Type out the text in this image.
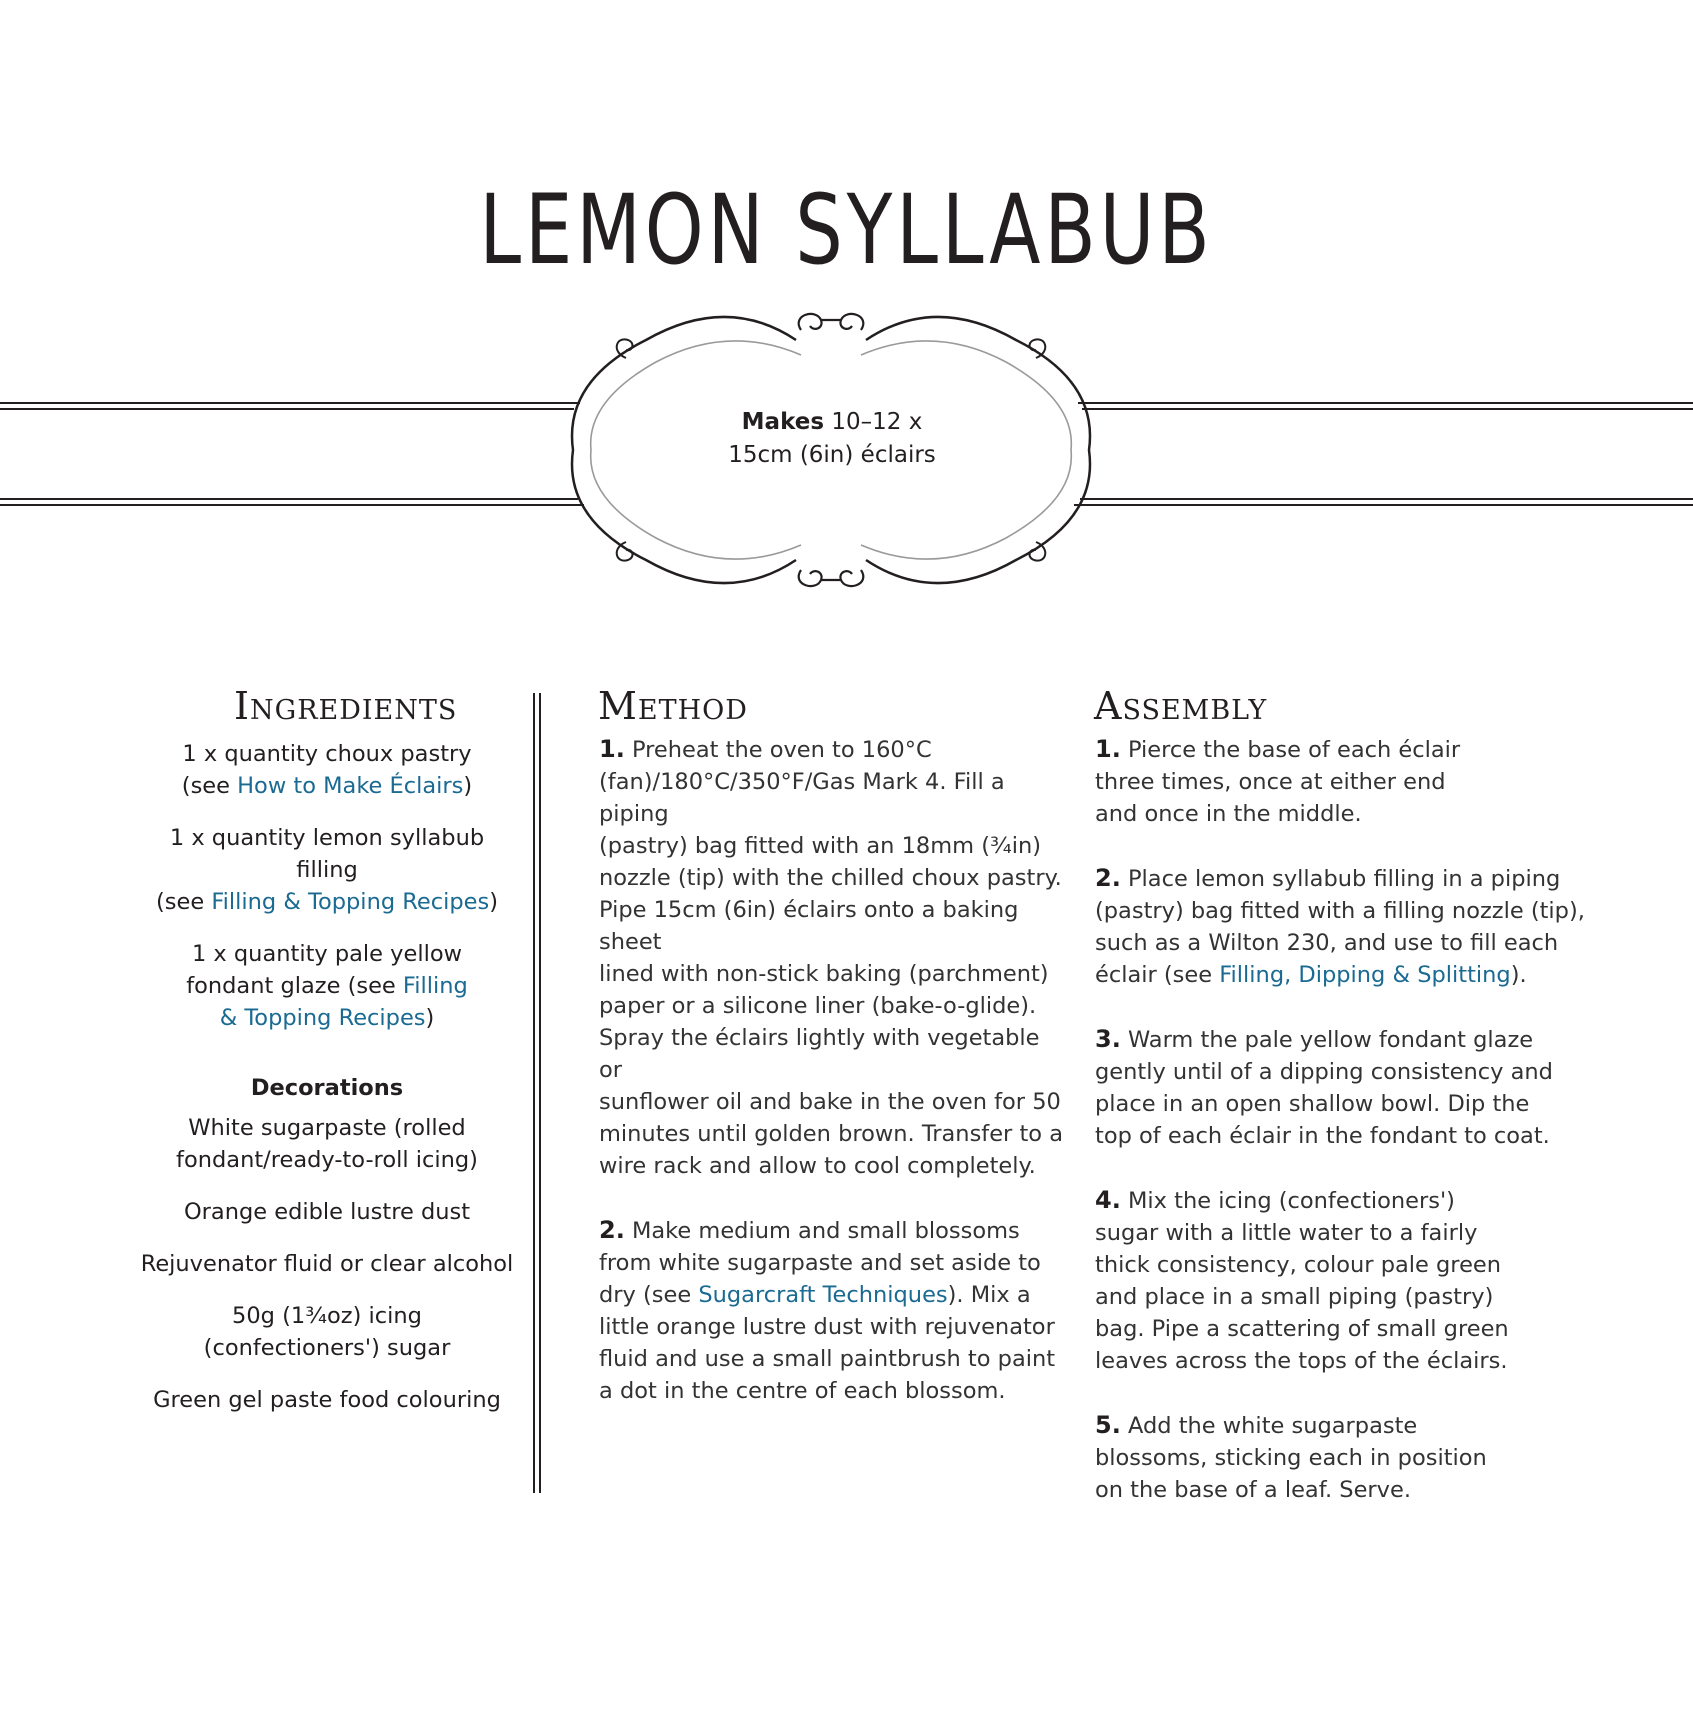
LEMON SYLLABUB
Makes 10–12 x
15cm (6in) éclairs
Ingredients

1 x quantity choux pastry
(see How to Make Éclairs)

1 x quantity lemon syllabub filling
(see Filling & Topping Recipes)

1 x quantity pale yellow
fondant glaze (see Filling
& Topping Recipes)

Decorations

White sugarpaste (rolled
fondant/ready-to-roll icing)

Orange edible lustre dust

Rejuvenator fluid or clear alcohol

50g (1¾oz) icing
(confectioners') sugar

Green gel paste food colouring

Method

1. Preheat the oven to 160°C
(fan)/180°C/350°F/Gas Mark 4. Fill a piping
(pastry) bag fitted with an 18mm (¾in)
nozzle (tip) with the chilled choux pastry.
Pipe 15cm (6in) éclairs onto a baking sheet
lined with non-stick baking (parchment)
paper or a silicone liner (bake-o-glide).
Spray the éclairs lightly with vegetable or
sunflower oil and bake in the oven for 50
minutes until golden brown. Transfer to a
wire rack and allow to cool completely.

2. Make medium and small blossoms
from white sugarpaste and set aside to
dry (see Sugarcraft Techniques). Mix a
little orange lustre dust with rejuvenator
fluid and use a small paintbrush to paint
a dot in the centre of each blossom.

Assembly

1. Pierce the base of each éclair
three times, once at either end
and once in the middle.

2. Place lemon syllabub filling in a piping
(pastry) bag fitted with a filling nozzle (tip),
such as a Wilton 230, and use to fill each
éclair (see Filling, Dipping & Splitting).

3. Warm the pale yellow fondant glaze
gently until of a dipping consistency and
place in an open shallow bowl. Dip the
top of each éclair in the fondant to coat.

4. Mix the icing (confectioners')
sugar with a little water to a fairly
thick consistency, colour pale green
and place in a small piping (pastry)
bag. Pipe a scattering of small green
leaves across the tops of the éclairs.

5. Add the white sugarpaste
blossoms, sticking each in position
on the base of a leaf. Serve.
